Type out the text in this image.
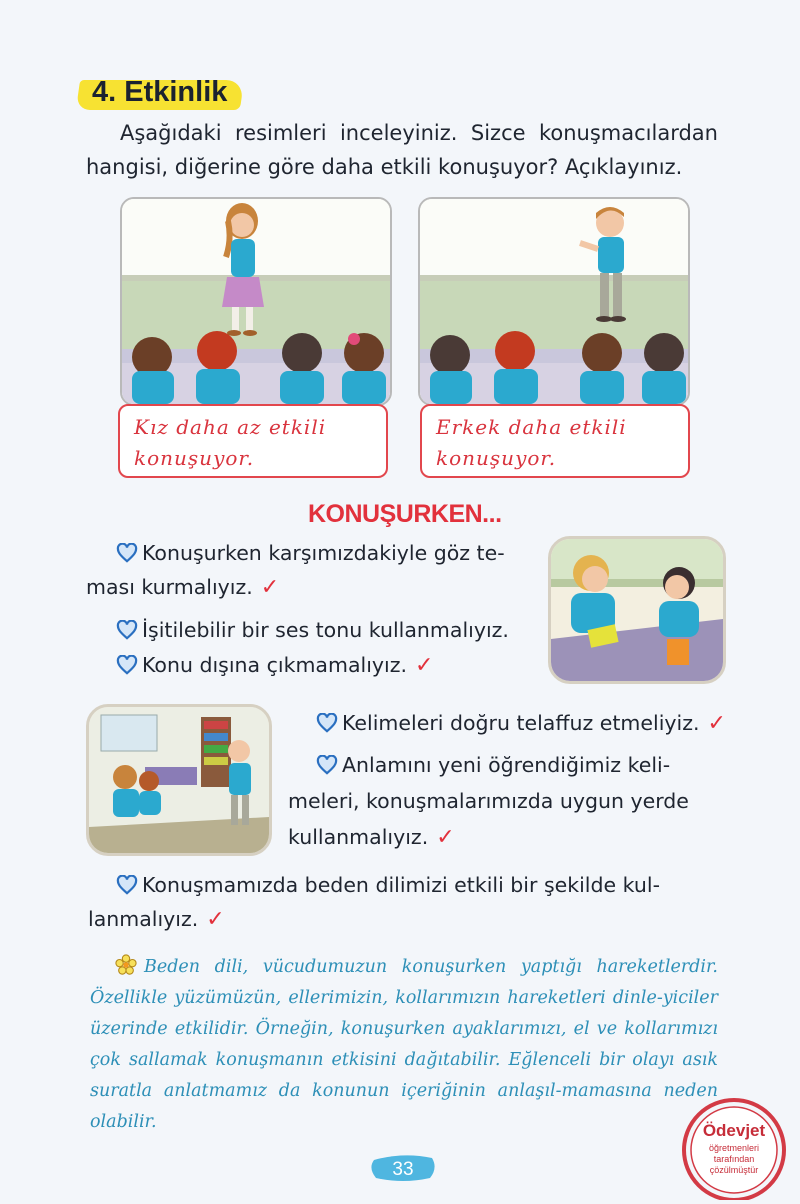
4. Etkinlik
Aşağıdaki resimleri inceleyiniz. Sizce konuşmacılardan hangisi, diğerine göre daha etkili konuşuyor? Açıklayınız.
Kız daha az etkili
konuşuyor.
Erkek daha etkili
konuşuyor.
KONUŞURKEN...
Konuşurken karşımızdakiyle göz te-
ması kurmalıyız. ✓
İşitilebilir bir ses tonu kullanmalıyız.
Konu dışına çıkmamalıyız. ✓
Kelimeleri doğru telaffuz etmeliyiz. ✓
Anlamını yeni öğrendiğimiz keli-
meleri, konuşmalarımızda uygun yerde
kullanmalıyız. ✓
Konuşmamızda beden dilimizi etkili bir şekilde kul-
lanmalıyız. ✓
Beden dili, vücudumuzun konuşurken yaptığı hareketlerdir. Özellikle yüzümüzün, ellerimizin, kollarımızın hareketleri dinle-yiciler üzerinde etkilidir. Örneğin, konuşurken ayaklarımızı, el ve kollarımızı çok sallamak konuşmanın etkisini dağıtabilir. Eğlenceli bir olayı asık suratla anlatmamız da konunun içeriğinin anlaşıl-mamasına neden olabilir.
33
Ödevjet
öğretmenleri
tarafından
çözülmüştür
